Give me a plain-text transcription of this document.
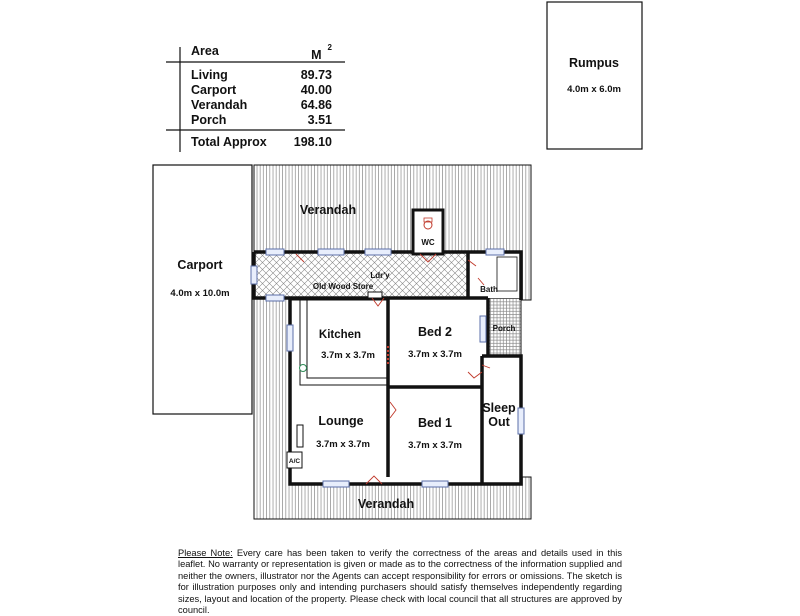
Area	$M^2$
Living	89.73
Carport	40.00
Verandah	64.86
Porch	3.51
Total Approx 198.10
Rumpus
4.0m x 6.0m
Carport
4.0m x 10.0m
WC
A/C
Verandah
Ldr'y
Old Wood Store	Bath
Porch
Kitchen
3.7m x 3.7m
Bed 2
3.7m x 3.7m
Lounge
3.7m x 3.7m
Bed 1
3.7m x 3.7m
Sleep
Out
Verandah
Please Note: Every care has been taken to verify the correctness of the areas and details used in this leaflet. No warranty or representation is given or made as to the correctness of the information supplied and neither the owners, illustrator nor the Agents can accept responsibility for errors or omissions. The sketch is for illustration purposes only and intending purchasers should satisfy themselves independently regarding sizes, layout and location of the property. Please check with local council that all structures are approved by council.
